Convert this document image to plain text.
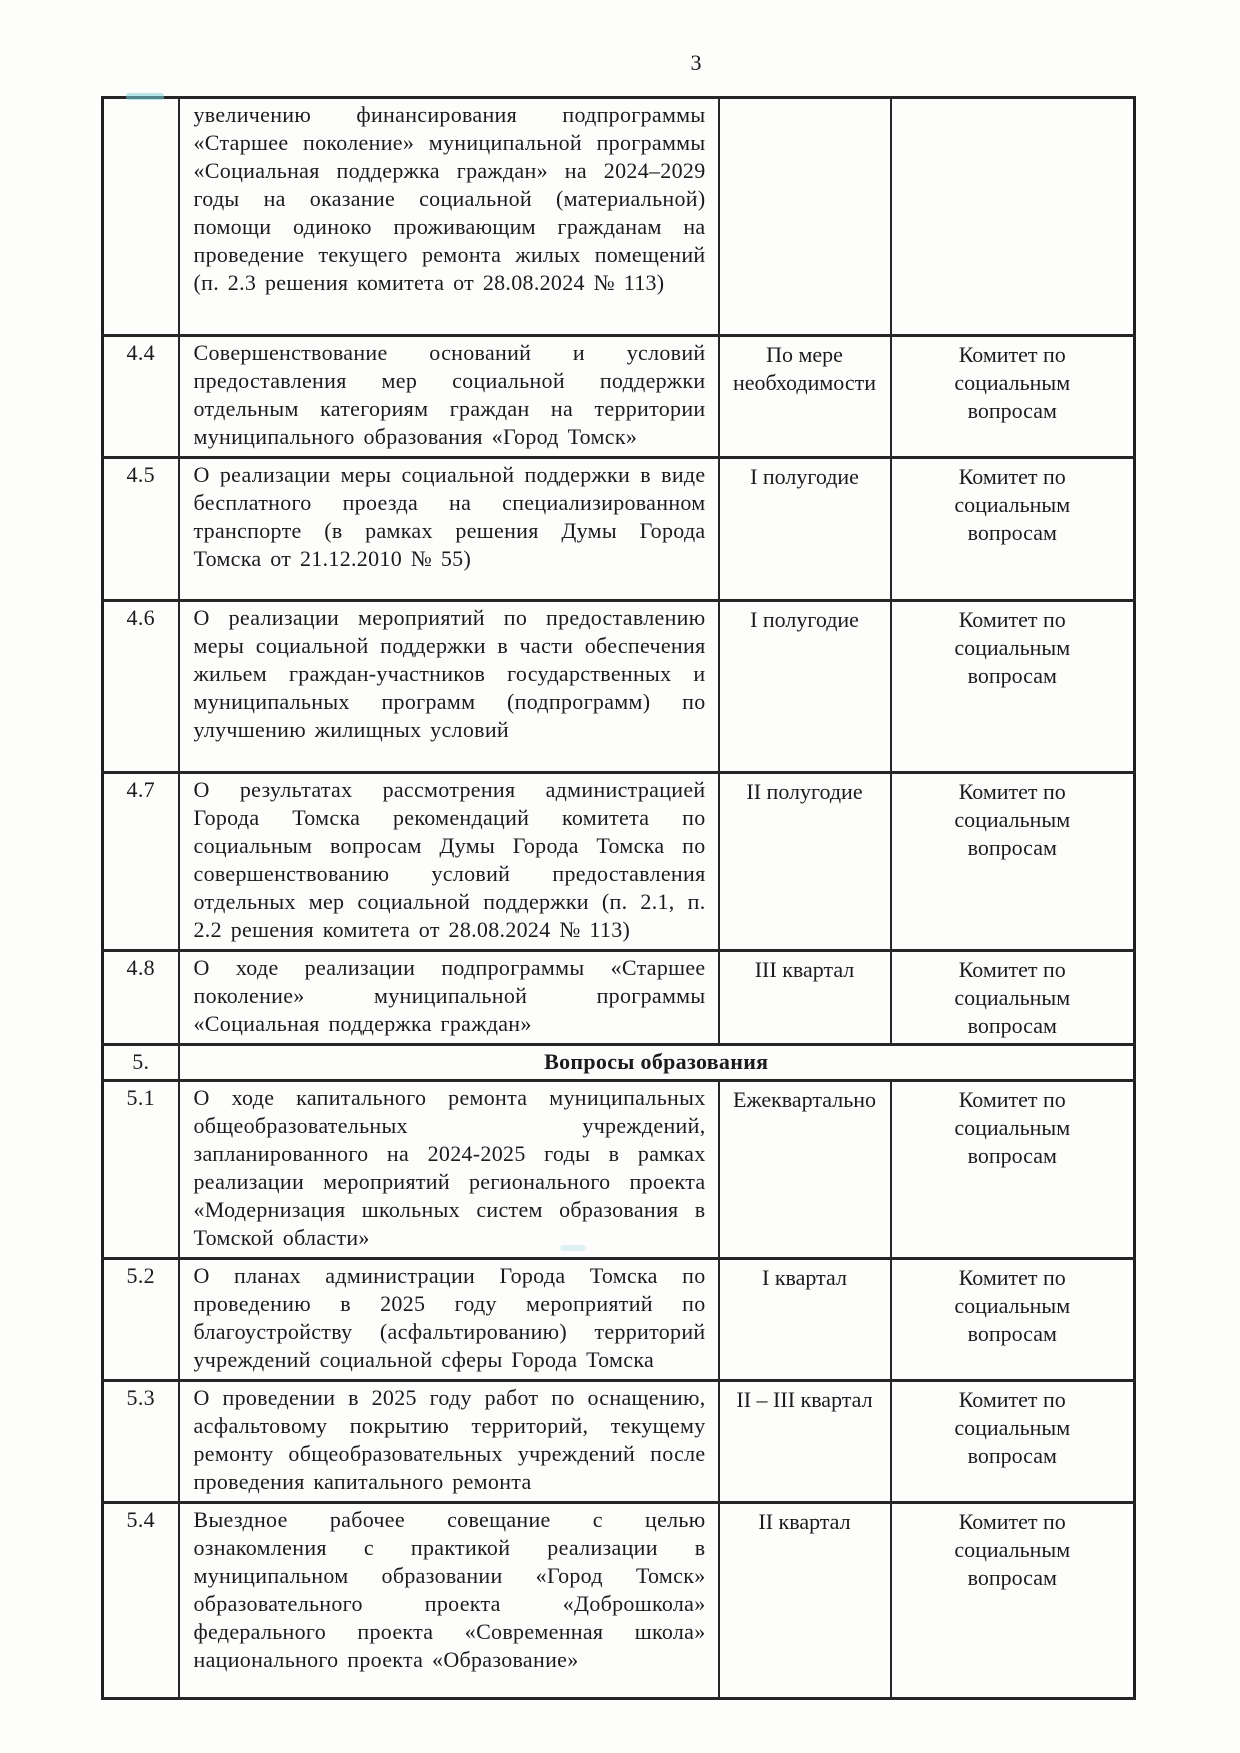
3
	увеличению финансирования подпрограммы «Старшее поколение» муниципальной программы «Социальная поддержка граждан» на 2024–2029 годы на оказание социальной (материальной) помощи одиноко проживающим гражданам на проведение текущего ремонта жилых помещений (п. 2.3 решения комитета от 28.08.2024 № 113)		
4.4	Совершенствование оснований и условий предоставления мер социальной поддержки отдельным категориям граждан на территории муниципального образования «Город Томск»	По мере необходимости	Комитет по социальным вопросам
4.5	О реализации меры социальной поддержки в виде бесплатного проезда на специализированном транспорте (в рамках решения Думы Города Томска от 21.12.2010 № 55)	I полугодие	Комитет по социальным вопросам
4.6	О реализации мероприятий по предоставлению меры социальной поддержки в части обеспечения жильем граждан-участников государственных и муниципальных программ (подпрограмм) по улучшению жилищных условий	I полугодие	Комитет по социальным вопросам
4.7	О результатах рассмотрения администрацией Города Томска рекомендаций комитета по социальным вопросам Думы Города Томска по совершенствованию условий предоставления отдельных мер социальной поддержки (п. 2.1, п. 2.2 решения комитета от 28.08.2024 № 113)	II полугодие	Комитет по социальным вопросам
4.8	О ходе реализации подпрограммы «Старшее поколение» муниципальной программы «Социальная поддержка граждан»	III квартал	Комитет по социальным вопросам
5.	Вопросы образования		
5.1	О ходе капитального ремонта муниципальных общеобразовательных учреждений, запланированного на 2024-2025 годы в рамках реализации мероприятий регионального проекта «Модернизация школьных систем образования в Томской области»	Ежеквартально	Комитет по социальным вопросам
5.2	О планах администрации Города Томска по проведению в 2025 году мероприятий по благоустройству (асфальтированию) территорий учреждений социальной сферы Города Томска	I квартал	Комитет по социальным вопросам
5.3	О проведении в 2025 году работ по оснащению, асфальтовому покрытию территорий, текущему ремонту общеобразовательных учреждений после проведения капитального ремонта	II – III квартал	Комитет по социальным вопросам
5.4	Выездное рабочее совещание с целью ознакомления с практикой реализации в муниципальном образовании «Город Томск» образовательного проекта «Доброшкола» федерального проекта «Современная школа» национального проекта «Образование»	II квартал	Комитет по социальным вопросам
